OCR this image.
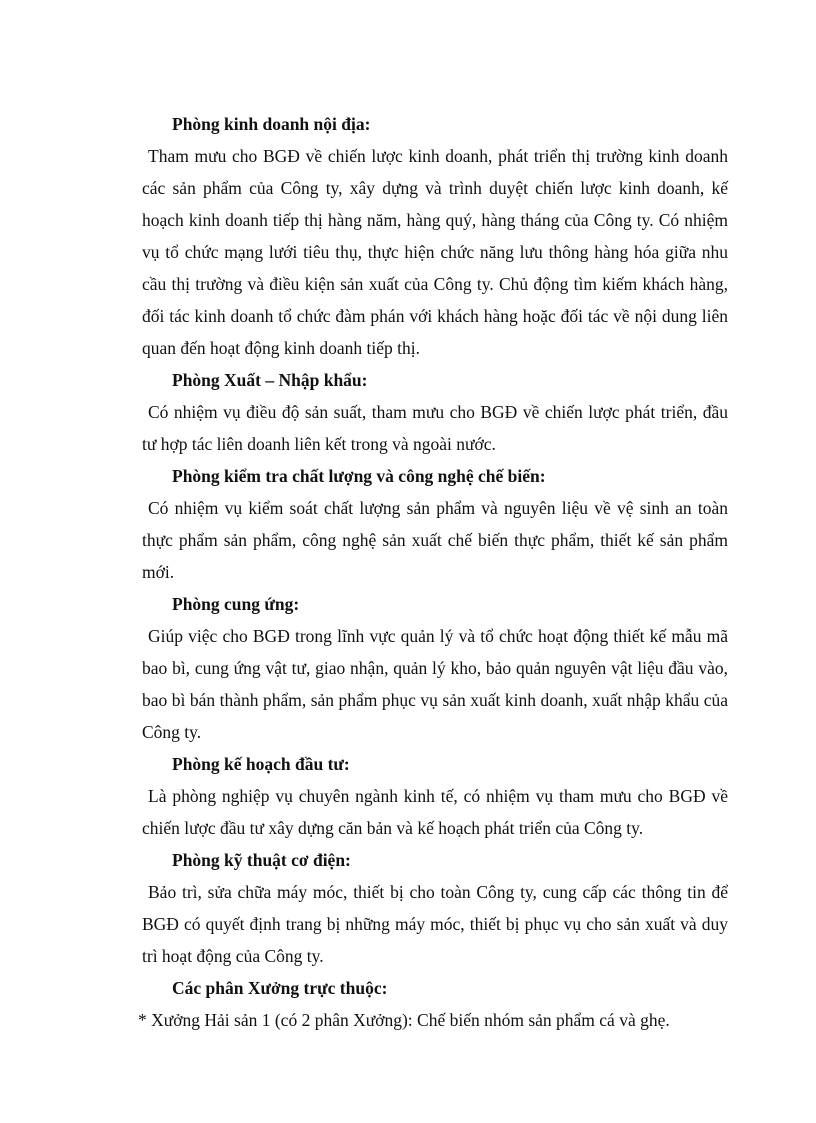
Phòng kinh doanh nội địa:

Tham mưu cho BGĐ về chiến lược kinh doanh, phát triển thị trường kinh doanh các sản phẩm của Công ty, xây dựng và trình duyệt chiến lược kinh doanh, kế hoạch kinh doanh tiếp thị hàng năm, hàng quý, hàng tháng của Công ty. Có nhiệm vụ tổ chức mạng lưới tiêu thụ, thực hiện chức năng lưu thông hàng hóa giữa nhu cầu thị trường và điều kiện sản xuất của Công ty. Chủ động tìm kiếm khách hàng, đối tác kinh doanh tổ chức đàm phán với khách hàng hoặc đối tác về nội dung liên quan đến hoạt động kinh doanh tiếp thị.

Phòng Xuất – Nhập khẩu:

Có nhiệm vụ điều độ sản suất, tham mưu cho BGĐ về chiến lược phát triển, đầu tư hợp tác liên doanh liên kết trong và ngoài nước.

Phòng kiểm tra chất lượng và công nghệ chế biến:

Có nhiệm vụ kiểm soát chất lượng sản phẩm và nguyên liệu về vệ sinh an toàn thực phẩm sản phẩm, công nghệ sản xuất chế biến thực phẩm, thiết kế sản phẩm mới.

Phòng cung ứng:

Giúp việc cho BGĐ trong lĩnh vực quản lý và tổ chức hoạt động thiết kế mẫu mã bao bì, cung ứng vật tư, giao nhận, quản lý kho, bảo quản nguyên vật liệu đầu vào, bao bì bán thành phẩm, sản phẩm phục vụ sản xuất kinh doanh, xuất nhập khẩu của Công ty.

Phòng kế hoạch đầu tư:

Là phòng nghiệp vụ chuyên ngành kinh tế, có nhiệm vụ tham mưu cho BGĐ về chiến lược đầu tư xây dựng căn bản và kế hoạch phát triển của Công ty.

Phòng kỹ thuật cơ điện:

Bảo trì, sửa chữa máy móc, thiết bị cho toàn Công ty, cung cấp các thông tin để BGĐ có quyết định trang bị những máy móc, thiết bị phục vụ cho sản xuất và duy trì hoạt động của Công ty.

Các phân Xưởng trực thuộc:

* Xưởng Hải sản 1 (có 2 phân Xưởng): Chế biến nhóm sản phẩm cá và ghẹ.
